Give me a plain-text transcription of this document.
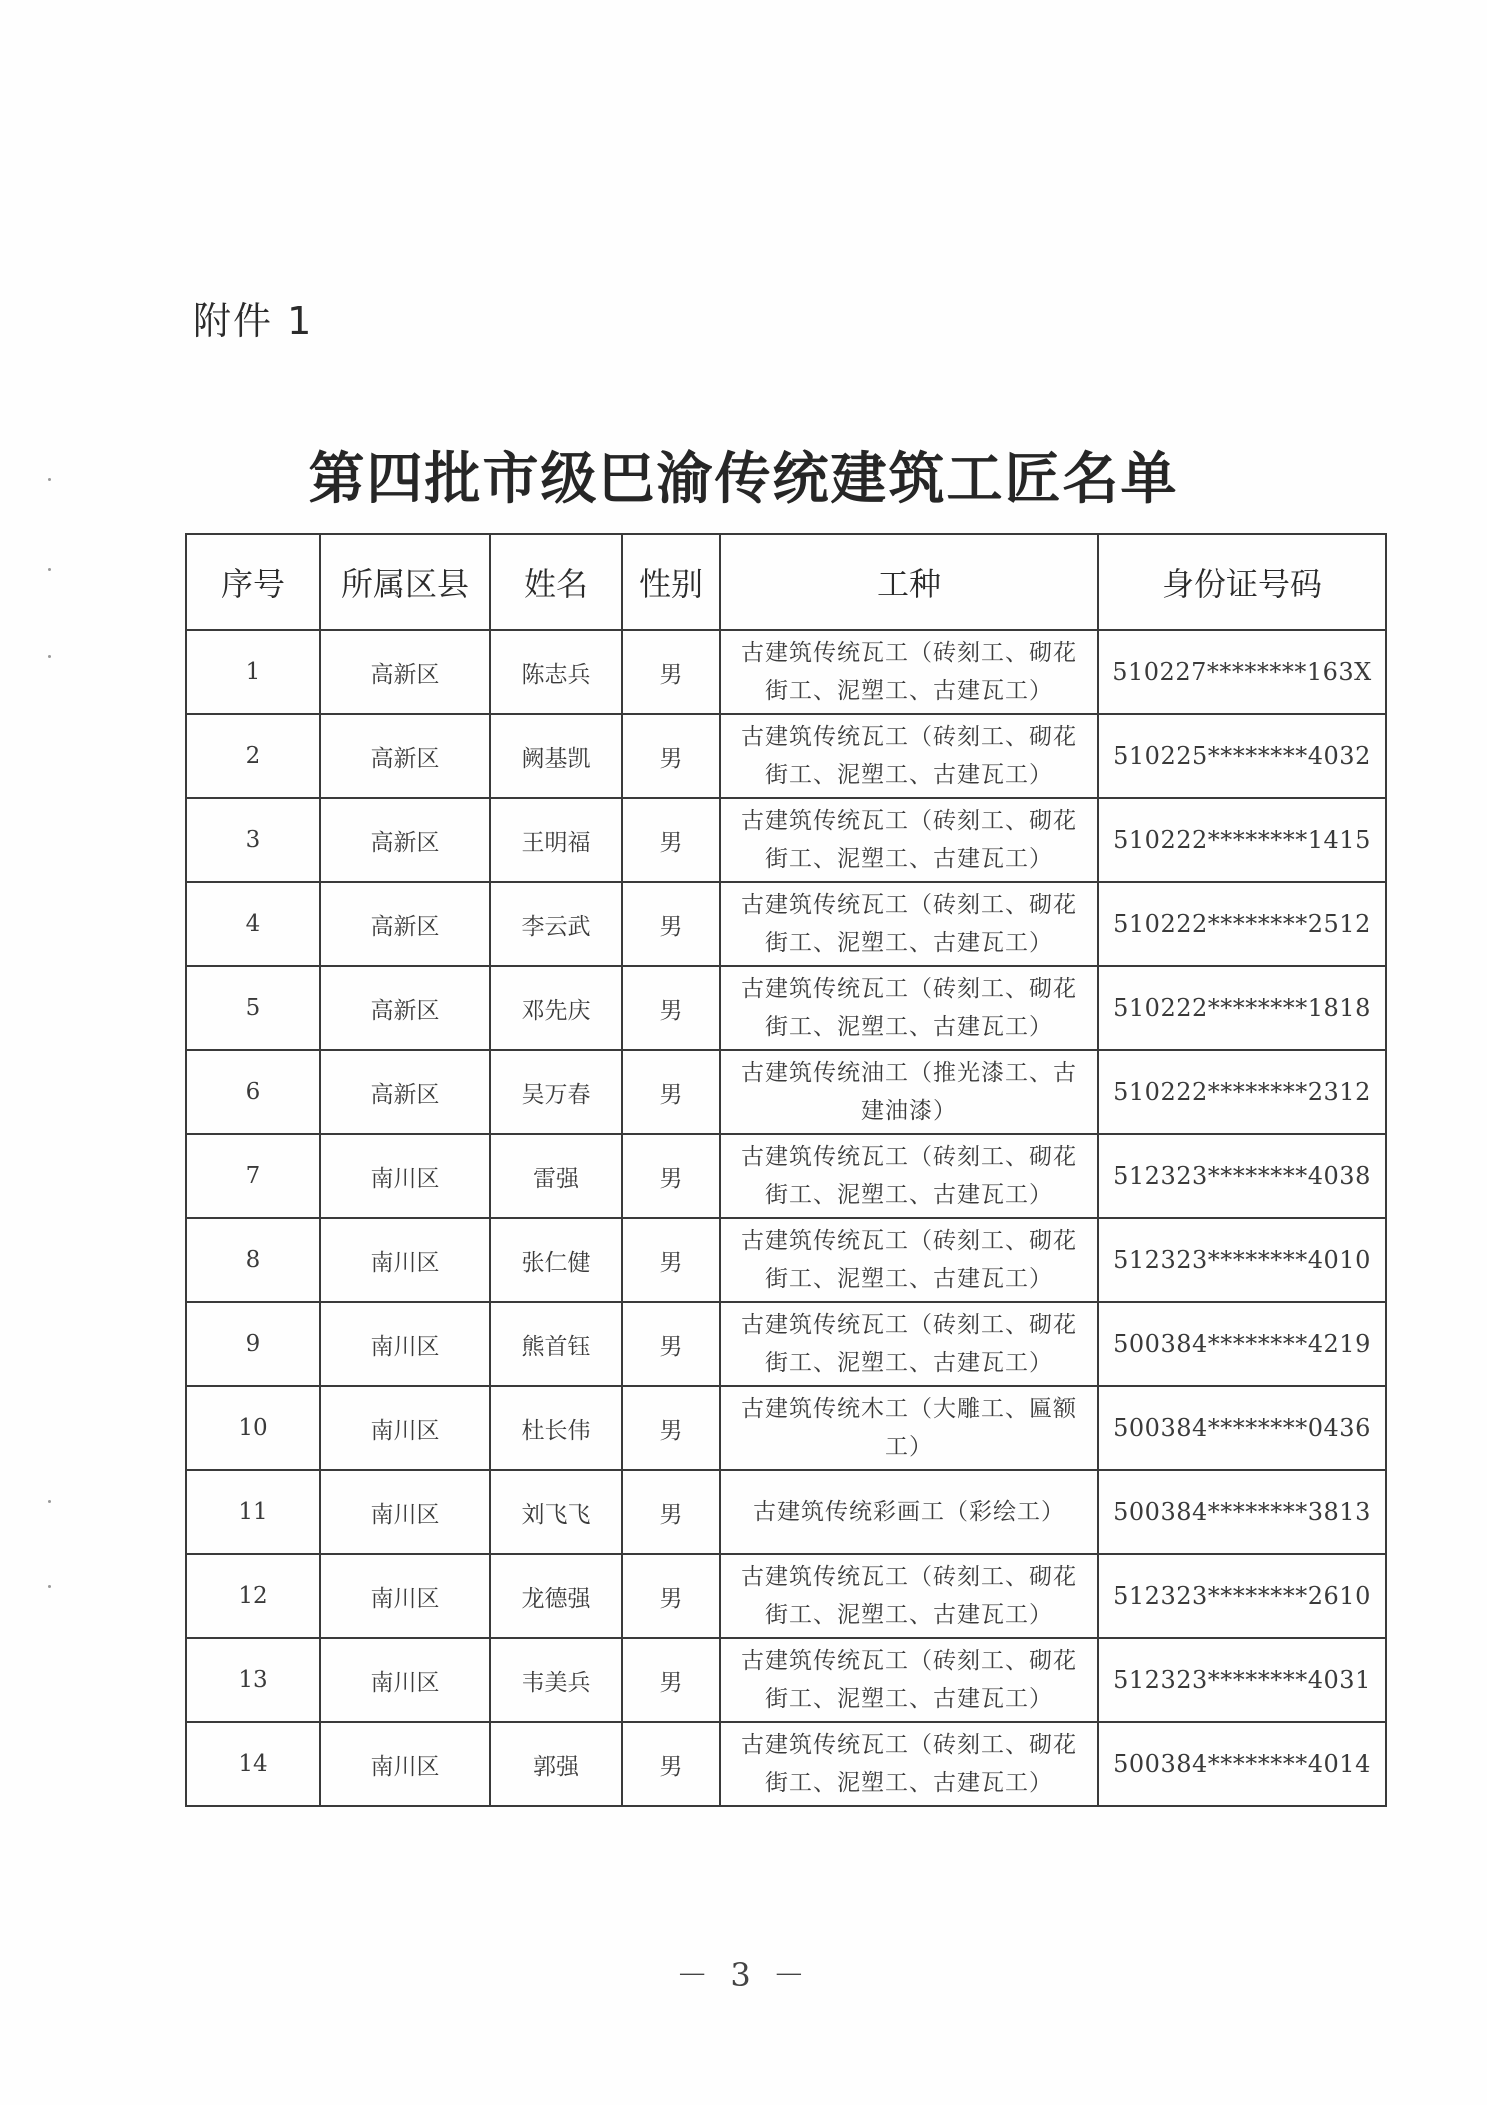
附件 1
第四批市级巴渝传统建筑工匠名单
序号	所属区县	姓名	性别	工种	身份证号码
1	高新区	陈志兵	男	古建筑传统瓦工（砖刻工、砌花街工、泥塑工、古建瓦工）	510227********163X
2	高新区	阙基凯	男	古建筑传统瓦工（砖刻工、砌花街工、泥塑工、古建瓦工）	510225********4032
3	高新区	王明福	男	古建筑传统瓦工（砖刻工、砌花街工、泥塑工、古建瓦工）	510222********1415
4	高新区	李云武	男	古建筑传统瓦工（砖刻工、砌花街工、泥塑工、古建瓦工）	510222********2512
5	高新区	邓先庆	男	古建筑传统瓦工（砖刻工、砌花街工、泥塑工、古建瓦工）	510222********1818
6	高新区	吴万春	男	古建筑传统油工（推光漆工、古建油漆）	510222********2312
7	南川区	雷强	男	古建筑传统瓦工（砖刻工、砌花街工、泥塑工、古建瓦工）	512323********4038
8	南川区	张仁健	男	古建筑传统瓦工（砖刻工、砌花街工、泥塑工、古建瓦工）	512323********4010
9	南川区	熊首钰	男	古建筑传统瓦工（砖刻工、砌花街工、泥塑工、古建瓦工）	500384********4219
10	南川区	杜长伟	男	古建筑传统木工（大雕工、匾额工）	500384********0436
11	南川区	刘飞飞	男	古建筑传统彩画工（彩绘工）	500384********3813
12	南川区	龙德强	男	古建筑传统瓦工（砖刻工、砌花街工、泥塑工、古建瓦工）	512323********2610
13	南川区	韦美兵	男	古建筑传统瓦工（砖刻工、砌花街工、泥塑工、古建瓦工）	512323********4031
14	南川区	郭强	男	古建筑传统瓦工（砖刻工、砌花街工、泥塑工、古建瓦工）	500384********4014
－ 3 －
